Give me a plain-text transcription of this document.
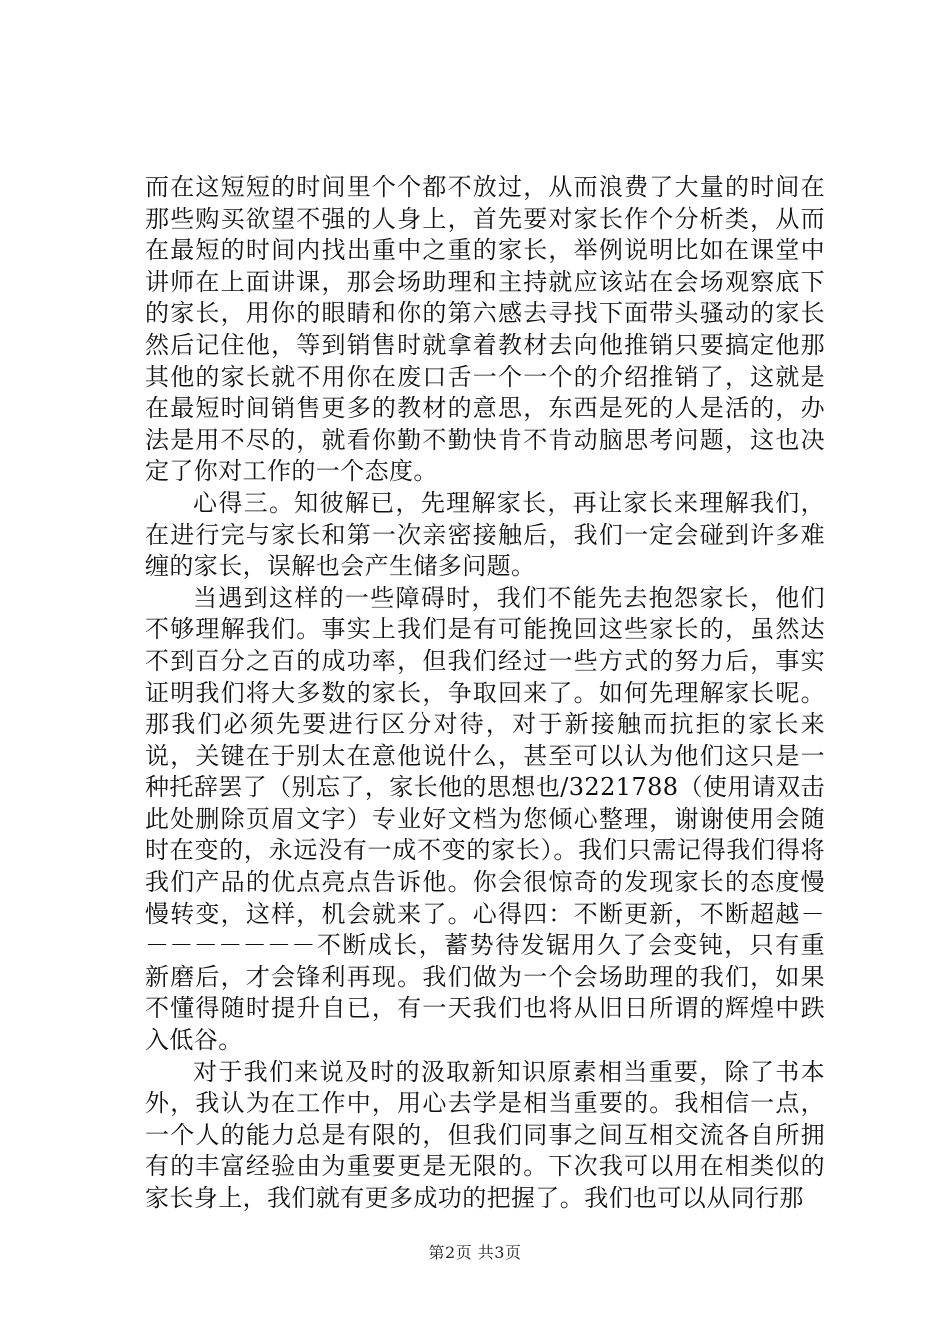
而在这短短的时间里个个都不放过，从而浪费了大量的时间在那些购买欲望不强的人身上，首先要对家长作个分析类，从而在最短的时间内找出重中之重的家长，举例说明比如在课堂中讲师在上面讲课，那会场助理和主持就应该站在会场观察底下的家长，用你的眼睛和你的第六感去寻找下面带头骚动的家长然后记住他，等到销售时就拿着教材去向他推销只要搞定他那其他的家长就不用你在废口舌一个一个的介绍推销了，这就是在最短时间销售更多的教材的意思，东西是死的人是活的，办法是用不尽的，就看你勤不勤快肯不肯动脑思考问题，这也决定了你对工作的一个态度。

心得三。知彼解已，先理解家长，再让家长来理解我们，在进行完与家长和第一次亲密接触后，我们一定会碰到许多难缠的家长，误解也会产生储多问题。

当遇到这样的一些障碍时，我们不能先去抱怨家长，他们不够理解我们。事实上我们是有可能挽回这些家长的，虽然达不到百分之百的成功率，但我们经过一些方式的努力后，事实证明我们将大多数的家长，争取回来了。如何先理解家长呢。那我们必须先要进行区分对待，对于新接触而抗拒的家长来说，关键在于别太在意他说什么，甚至可以认为他们这只是一种托辞罢了（别忘了，家长他的思想也/3221788（使用请双击此处删除页眉文字）专业好文档为您倾心整理，谢谢使用会随时在变的，永远没有一成不变的家长）。我们只需记得我们得将我们产品的优点亮点告诉他。你会很惊奇的发现家长的态度慢慢转变，这样，机会就来了。心得四：不断更新，不断超越－－－－－－－－不断成长，蓄势待发锯用久了会变钝，只有重新磨后，才会锋利再现。我们做为一个会场助理的我们，如果不懂得随时提升自已，有一天我们也将从旧日所谓的辉煌中跌入低谷。

对于我们来说及时的汲取新知识原素相当重要，除了书本外，我认为在工作中，用心去学是相当重要的。我相信一点，一个人的能力总是有限的，但我们同事之间互相交流各自所拥有的丰富经验由为重要更是无限的。下次我可以用在相类似的家长身上，我们就有更多成功的把握了。我们也可以从同行那

第2页 共3页
